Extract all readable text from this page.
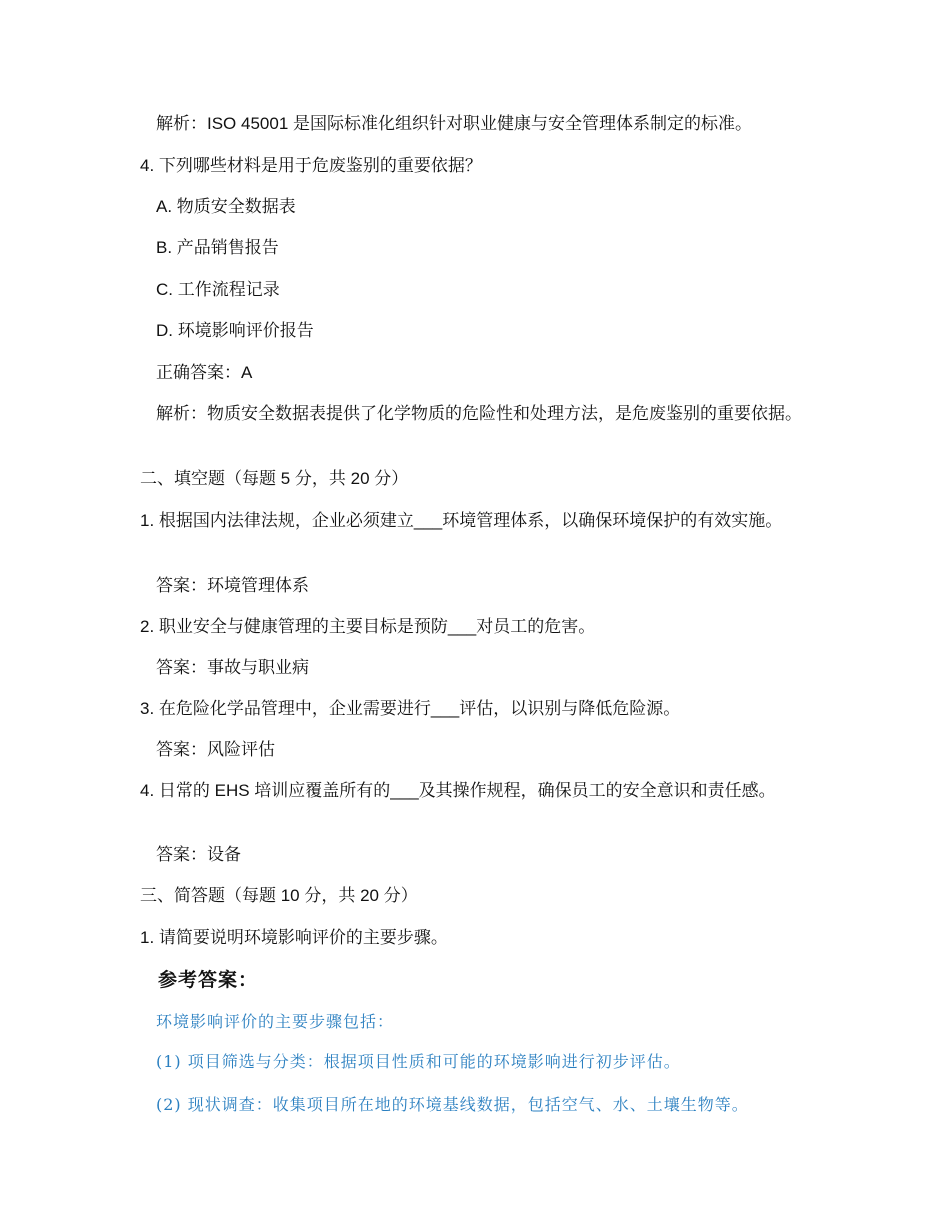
解析：ISO 45001 是国际标准化组织针对职业健康与安全管理体系制定的标准。
4. 下列哪些材料是用于危废鉴别的重要依据？
A. 物质安全数据表
B. 产品销售报告
C. 工作流程记录
D. 环境影响评价报告
正确答案：A
解析：物质安全数据表提供了化学物质的危险性和处理方法，是危废鉴别的重要依据。
二、填空题（每题 5 分，共 20 分）
1. 根据国内法律法规，企业必须建立___环境管理体系，以确保环境保护的有效实施。
答案：环境管理体系
2. 职业安全与健康管理的主要目标是预防___对员工的危害。
答案：事故与职业病
3. 在危险化学品管理中，企业需要进行___评估，以识别与降低危险源。
答案：风险评估
4. 日常的 EHS 培训应覆盖所有的___及其操作规程，确保员工的安全意识和责任感。
答案：设备
三、简答题（每题 10 分，共 20 分）
1. 请简要说明环境影响评价的主要步骤。
参考答案：
环境影响评价的主要步骤包括：
(1) 项目筛选与分类：根据项目性质和可能的环境影响进行初步评估。
(2) 现状调查：收集项目所在地的环境基线数据，包括空气、水、土壤生物等。
